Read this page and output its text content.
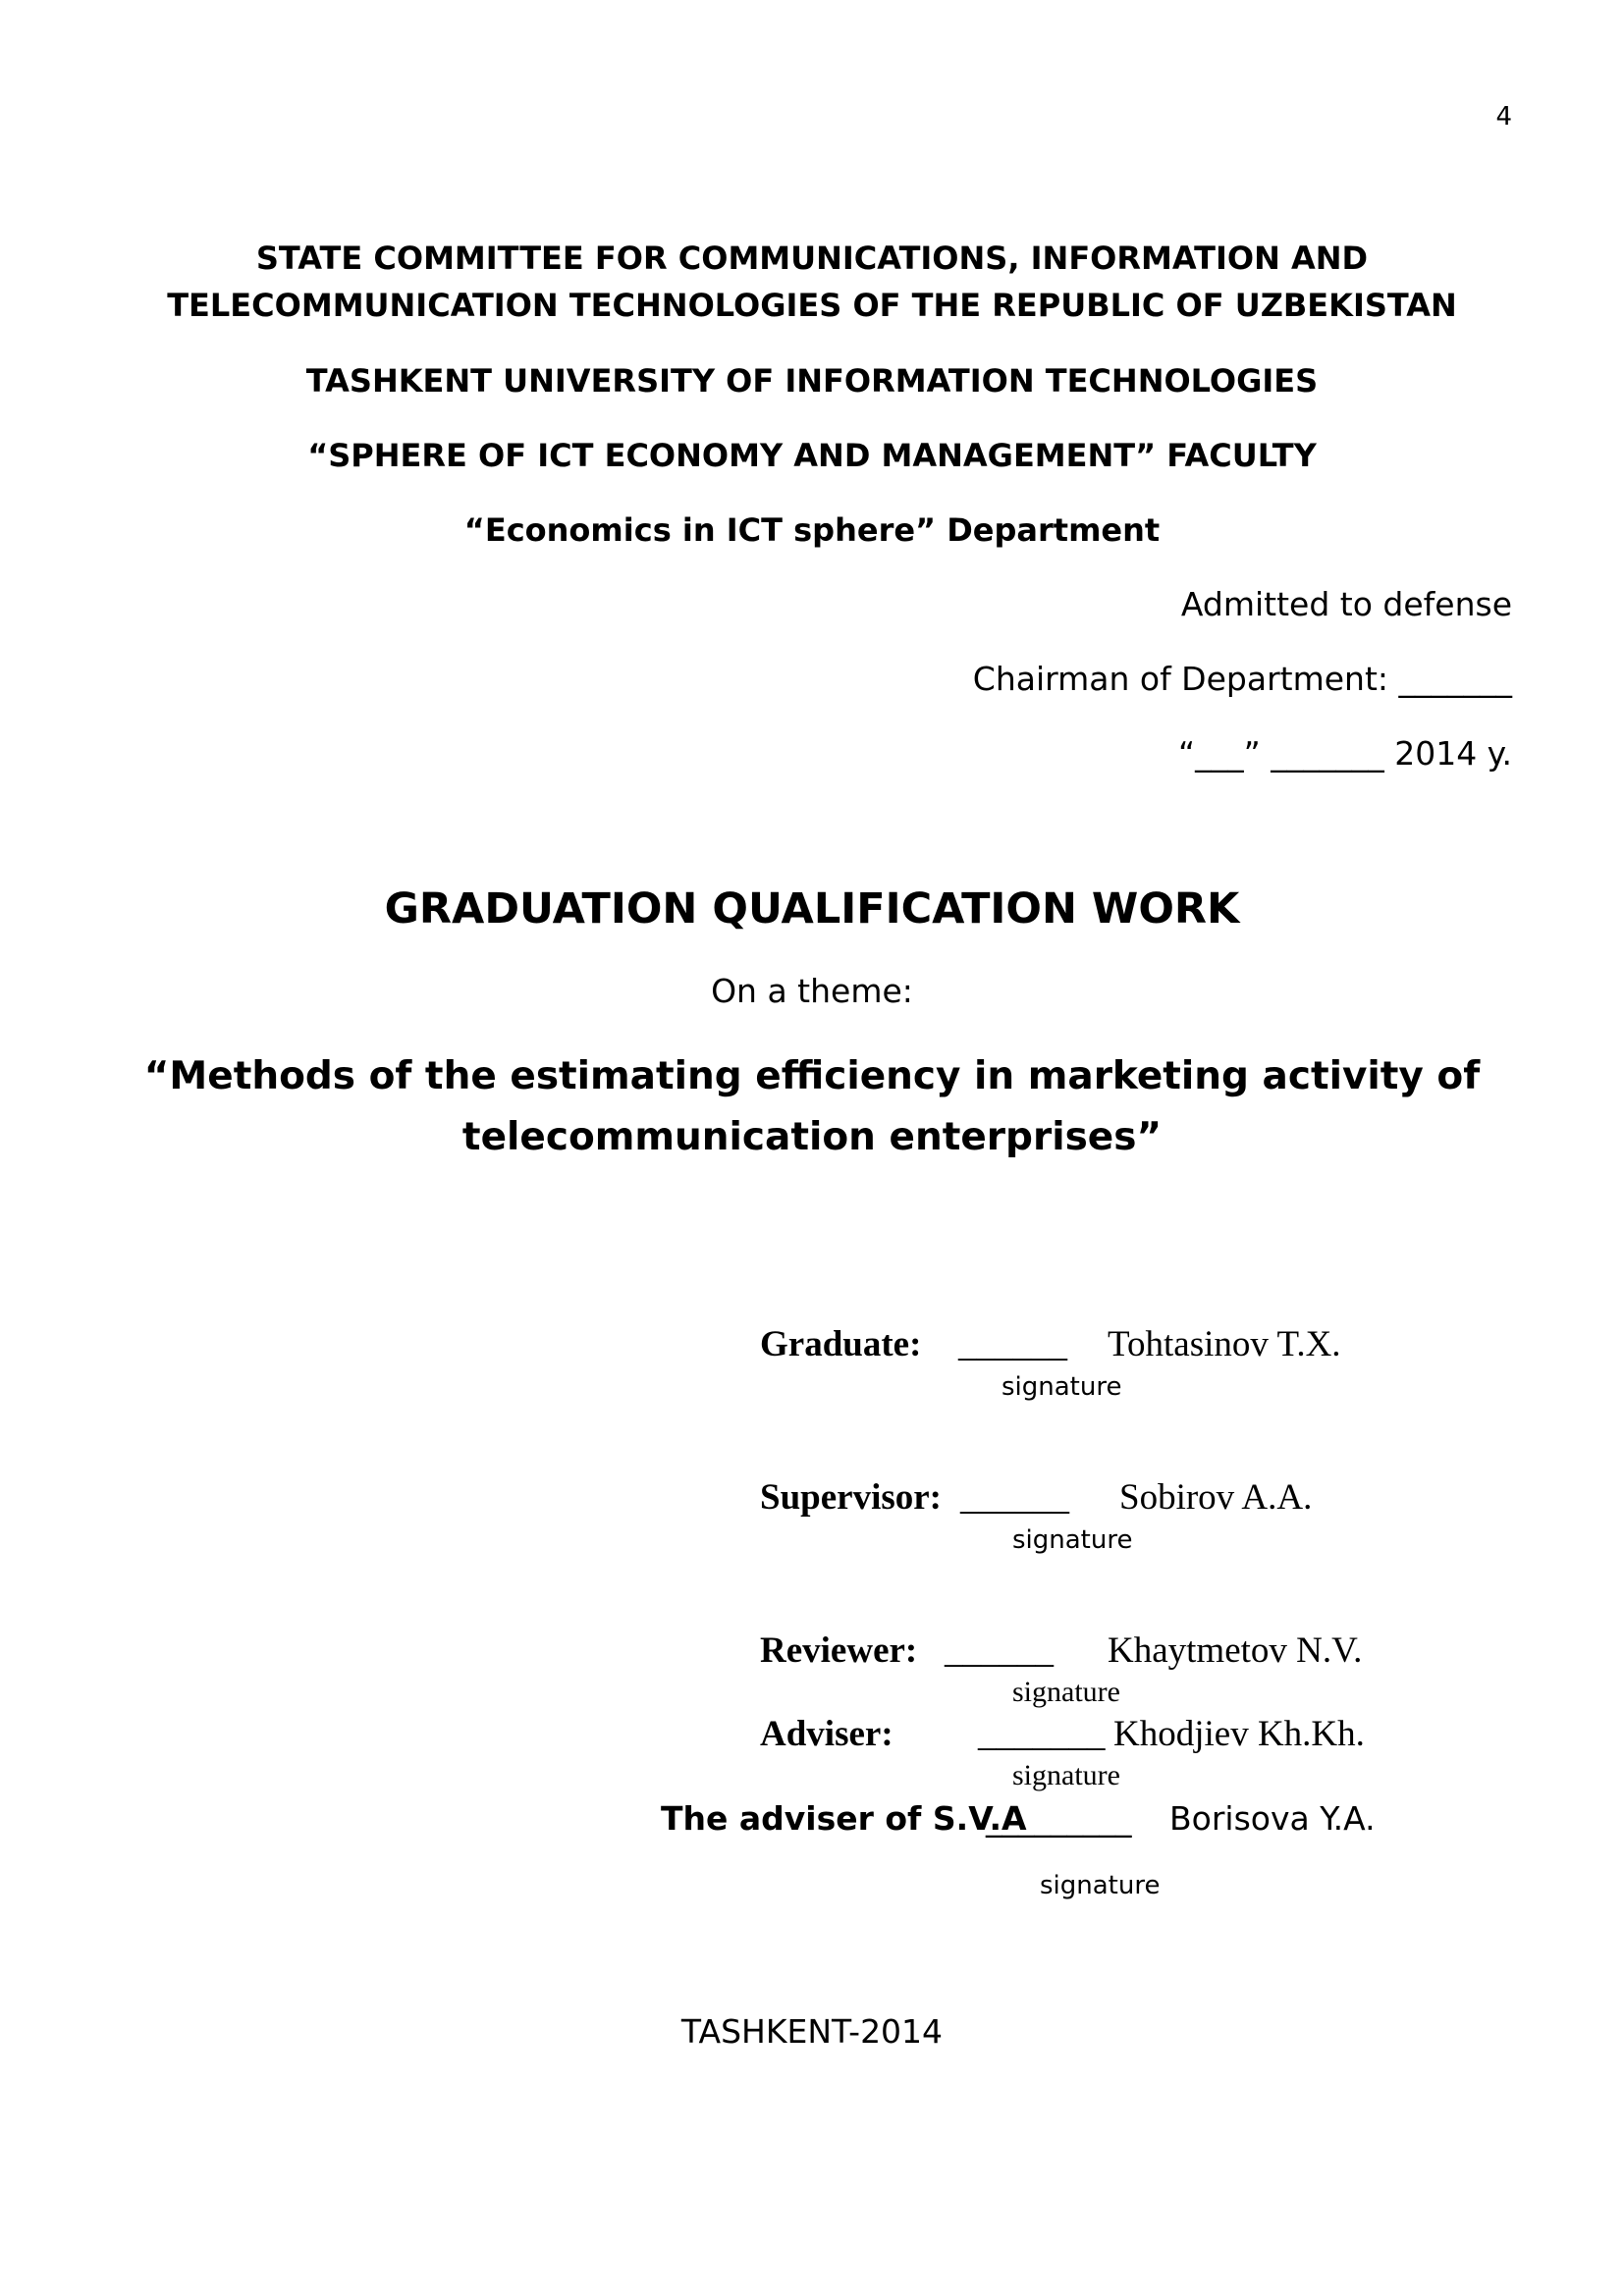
4
STATE COMMITTEE FOR COMMUNICATIONS, INFORMATION AND
TELECOMMUNICATION TECHNOLOGIES OF THE REPUBLIC OF UZBEKISTAN
TASHKENT UNIVERSITY OF INFORMATION TECHNOLOGIES
“SPHERE OF ICT ECONOMY AND MANAGEMENT” FACULTY
“Economics in ICT sphere” Department
Admitted to defense
Chairman of Department: _______
“___” _______ 2014 y.
GRADUATION QUALIFICATION WORK
On a theme:
“Methods of the estimating efficiency in marketing activity of
telecommunication enterprises”
Graduate: ______ Tohtasinov T.X.
signature
Supervisor: ______ Sobirov A.A.
signature
Reviewer: ______ Khaytmetov N.V.
signature
Adviser: _______ Khodjiev Kh.Kh.
signature
The adviser of S.V.A
_________ Borisova Y.A.
signature
TASHKENT-2014
